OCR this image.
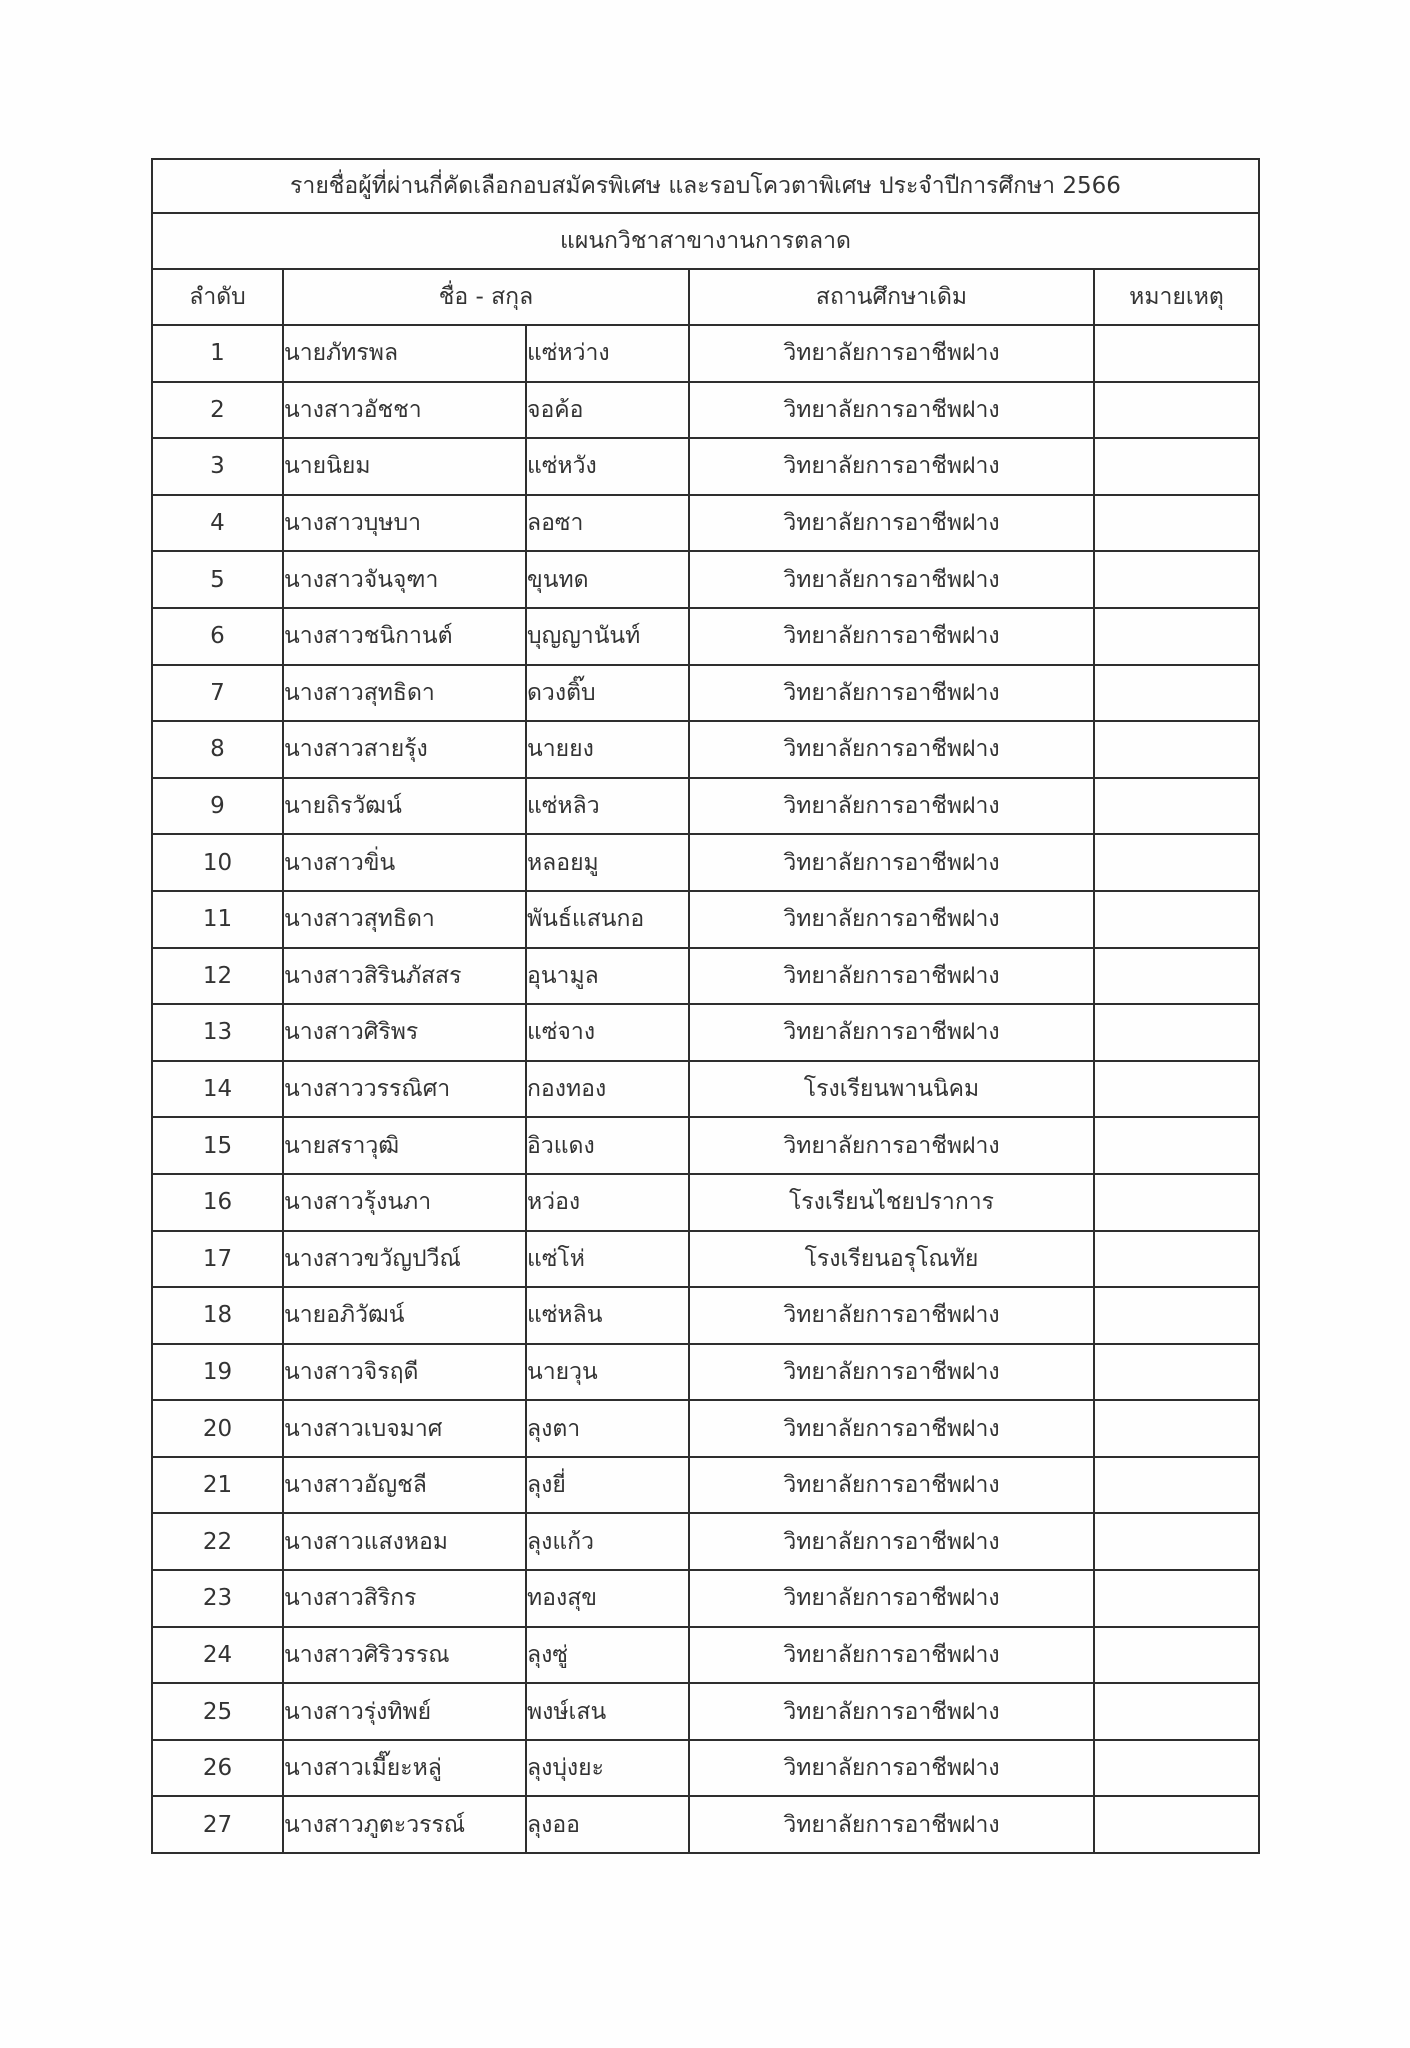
รายชื่อผู้ที่ผ่านกี่คัดเลือกอบสมัครพิเศษ และรอบโควตาพิเศษ ประจำปีการศึกษา 2566				
แผนกวิชาสาขางานการตลาด				
ลำดับ	ชื่อ - สกุล		สถานศึกษาเดิม	หมายเหตุ
1	นายภัทรพล	แซ่หว่าง	วิทยาลัยการอาชีพฝาง	
2	นางสาวอัชชา	จอค้อ	วิทยาลัยการอาชีพฝาง	
3	นายนิยม	แซ่หวัง	วิทยาลัยการอาชีพฝาง	
4	นางสาวบุษบา	ลอซา	วิทยาลัยการอาชีพฝาง	
5	นางสาวจันจุฑา	ขุนทด	วิทยาลัยการอาชีพฝาง	
6	นางสาวชนิกานต์	บุญญานันท์	วิทยาลัยการอาชีพฝาง	
7	นางสาวสุทธิดา	ดวงติ๊บ	วิทยาลัยการอาชีพฝาง	
8	นางสาวสายรุ้ง	นายยง	วิทยาลัยการอาชีพฝาง	
9	นายถิรวัฒน์	แซ่หลิว	วิทยาลัยการอาชีพฝาง	
10	นางสาวขิ่น	หลอยมู	วิทยาลัยการอาชีพฝาง	
11	นางสาวสุทธิดา	พันธ์แสนกอ	วิทยาลัยการอาชีพฝาง	
12	นางสาวสิรินภัสสร	อุนามูล	วิทยาลัยการอาชีพฝาง	
13	นางสาวศิริพร	แซ่จาง	วิทยาลัยการอาชีพฝาง	
14	นางสาววรรณิศา	กองทอง	โรงเรียนพานนิคม	
15	นายสราวุฒิ	อิวแดง	วิทยาลัยการอาชีพฝาง	
16	นางสาวรุ้งนภา	หว่อง	โรงเรียนไชยปราการ	
17	นางสาวขวัญปวีณ์	แซ่โห่	โรงเรียนอรุโณทัย	
18	นายอภิวัฒน์	แซ่หลิน	วิทยาลัยการอาชีพฝาง	
19	นางสาวจิรฤดี	นายวุน	วิทยาลัยการอาชีพฝาง	
20	นางสาวเบจมาศ	ลุงตา	วิทยาลัยการอาชีพฝาง	
21	นางสาวอัญชลี	ลุงยี่	วิทยาลัยการอาชีพฝาง	
22	นางสาวแสงหอม	ลุงแก้ว	วิทยาลัยการอาชีพฝาง	
23	นางสาวสิริกร	ทองสุข	วิทยาลัยการอาชีพฝาง	
24	นางสาวศิริวรรณ	ลุงซู่	วิทยาลัยการอาชีพฝาง	
25	นางสาวรุ่งทิพย์	พงษ์เสน	วิทยาลัยการอาชีพฝาง	
26	นางสาวเมี๊ยะหลู่	ลุงบุ่งยะ	วิทยาลัยการอาชีพฝาง	
27	นางสาวภูตะวรรณ์	ลุงออ	วิทยาลัยการอาชีพฝาง	
